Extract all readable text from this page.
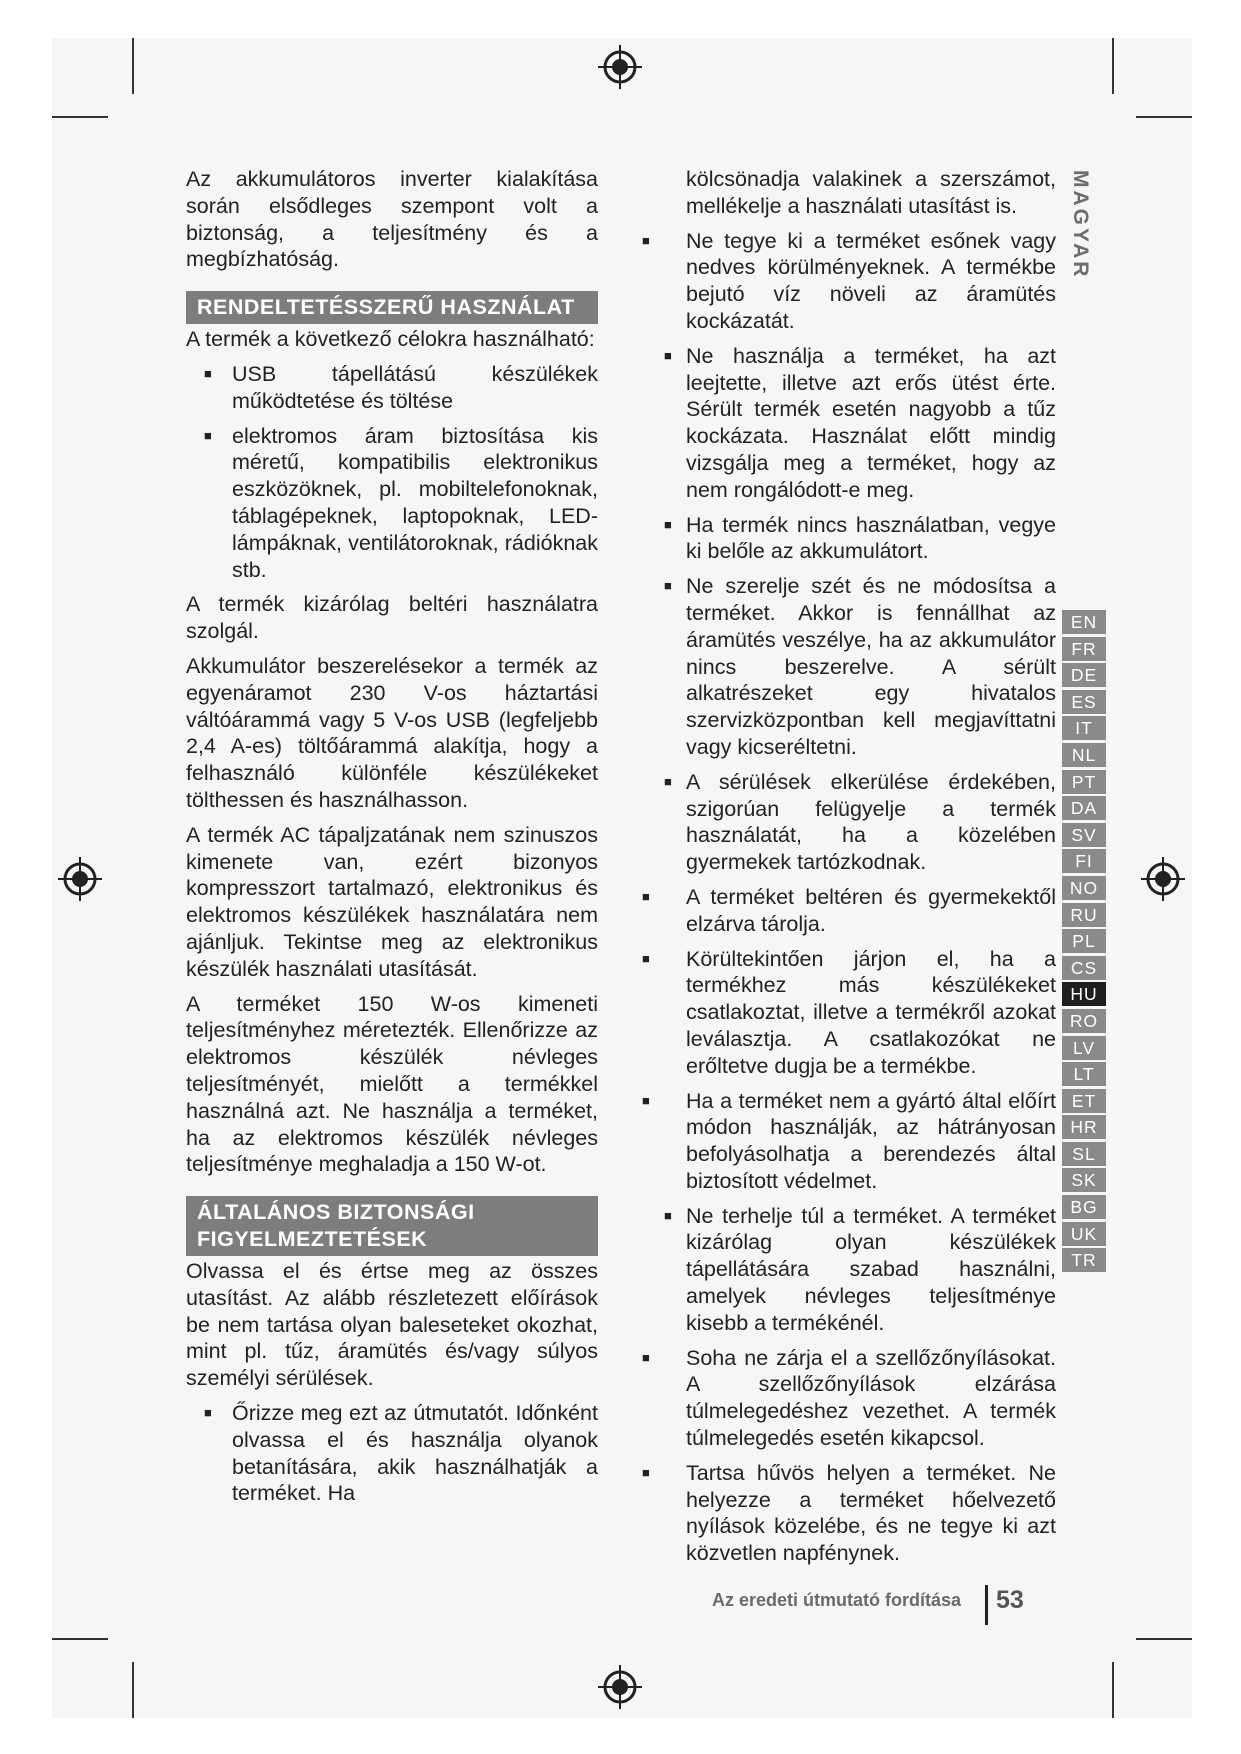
Az akkumulátoros inverter kialakítása során elsődleges szempont volt a biztonság, a teljesítmény és a megbízhatóság.

RENDELTETÉSSZERŰ HASZNÁLAT

A termék a következő célokra használható:

■ USB tápellátású készülékek működtetése és töltése
■ elektromos áram biztosítása kis méretű, kompatibilis elektronikus eszközöknek, pl. mobiltelefonoknak, táblagépeknek, laptopoknak, LED-lámpáknak, ventilátoroknak, rádióknak stb.

A termék kizárólag beltéri használatra szolgál.

Akkumulátor beszerelésekor a termék az egyenáramot 230 V-os háztartási váltóárammá vagy 5 V-os USB (legfeljebb 2,4 A-es) töltőárammá alakítja, hogy a felhasználó különféle készülékeket tölthessen és használhasson.

A termék AC tápaljzatának nem szinuszos kimenete van, ezért bizonyos kompresszort tartalmazó, elektronikus és elektromos készülékek használatára nem ajánljuk. Tekintse meg az elektronikus készülék használati utasítását.

A terméket 150 W-os kimeneti teljesítményhez méretezték. Ellenőrizze az elektromos készülék névleges teljesítményét, mielőtt a termékkel használná azt. Ne használja a terméket, ha az elektromos készülék névleges teljesítménye meghaladja a 150 W-ot.

ÁLTALÁNOS BIZTONSÁGI
FIGYELMEZTETÉSEK

Olvassa el és értse meg az összes utasítást. Az alább részletezett előírások be nem tartása olyan baleseteket okozhat, mint pl. tűz, áramütés és/vagy súlyos személyi sérülések.

■ Őrizze meg ezt az útmutatót. Időnként olvassa el és használja olyanok betanítására, akik használhatják a terméket. Ha

kölcsönadja valakinek a szerszámot, mellékelje a használati utasítást is.

■ Ne tegye ki a terméket esőnek vagy nedves körülményeknek. A termékbe bejutó víz növeli az áramütés kockázatát.
■ Ne használja a terméket, ha azt leejtette, illetve azt erős ütést érte. Sérült termék esetén nagyobb a tűz kockázata. Használat előtt mindig vizsgálja meg a terméket, hogy az nem rongálódott-e meg.
■ Ha termék nincs használatban, vegye ki belőle az akkumulátort.
■ Ne szerelje szét és ne módosítsa a terméket. Akkor is fennállhat az áramütés veszélye, ha az akkumulátor nincs beszerelve. A sérült alkatrészeket egy hivatalos szervizközpontban kell megjavíttatni vagy kicseréltetni.
■ A sérülések elkerülése érdekében, szigorúan felügyelje a termék használatát, ha a közelében gyermekek tartózkodnak.
■ A terméket beltéren és gyermekektől elzárva tárolja.
■ Körültekintően járjon el, ha a termékhez más készülékeket csatlakoztat, illetve a termékről azokat leválasztja. A csatlakozókat ne erőltetve dugja be a termékbe.
■ Ha a terméket nem a gyártó által előírt módon használják, az hátrányosan befolyásolhatja a berendezés által biztosított védelmet.
■ Ne terhelje túl a terméket. A terméket kizárólag olyan készülékek tápellátására szabad használni, amelyek névleges teljesítménye kisebb a termékénél.
■ Soha ne zárja el a szellőzőnyílásokat. A szellőzőnyílások elzárása túlmelegedéshez vezethet. A termék túlmelegedés esetén kikapcsol.
■ Tartsa hűvös helyen a terméket. Ne helyezze a terméket hőelvezető nyílások közelébe, és ne tegye ki azt közvetlen napfénynek.
MAGYAR
EN
FR
DE
ES
IT
NL
PT
DA
SV
FI
NO
RU
PL
CS
HU
RO
LV
LT
ET
HR
SL
SK
BG
UK
TR
Az eredeti útmutató fordítása 53
